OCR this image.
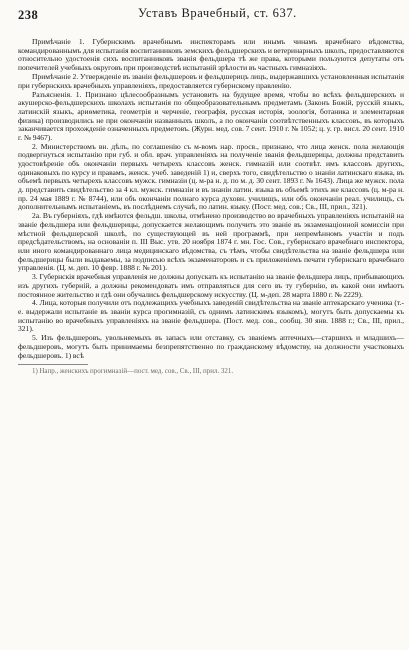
238	Уставъ Врачебный, ст. 637.

Примѣчаніе 1. Губернскимъ врачебнымъ инспекторамъ или инымъ чинамъ врачебнаго вѣдомства, командированнымъ для испытанія воспитанниковъ земскихъ фельдшерскихъ и ветеринарныхъ школъ, предоставляются относительно удостоенія сихъ воспитанниковъ званія фельдшера тѣ же права, которыми пользуются депутаты отъ попечителей учебныхъ округовъ при производствѣ испытаній зрѣлости въ частныхъ гимназіяхъ.

Примѣчаніе 2. Утвержденіе въ званіи фельдшеровъ и фельдшерицъ лицъ, выдержавшихъ установленныя испытанія при губернскихъ врачебныхъ управленіяхъ, предоставляется губернскому правленію.

Разъясненія. 1. Признано цѣлесообразнымъ установить на будущее время, чтобы во всѣхъ фельдшерскихъ и акушерско-фельдшерскихъ школахъ испытанія по общеобразовательнымъ предметамъ (Законъ Божій, русскій языкъ, латинскій языкъ, ариѳметика, геометрія и черченіе, географія, русская исторія, зоологія, ботаника и элементарная физика) производились не при окончаніи названныхъ школъ, а по окончаніи соотвѣтственныхъ классовъ, въ которыхъ заканчивается прохожденіе означенныхъ предметовъ. (Журн. мед. сов. 7 сент. 1910 г. № 1052; ц. у. гр. висл. 20 сент. 1910 г. № 9467).

2. Министерствомъ вн. дѣлъ, по соглашенію съ м-вомъ нар. просв., признано, что лица женск. пола желающія подвергнуться испытанію при губ. и обл. врач. управленіяхъ на полученіе званія фельдшерицы, должны представить удостовѣреніе объ окончаніи первыхъ четырехъ классовъ женск. гимназій или соотвѣт. имъ классовъ другихъ, одинаковыхъ по курсу и правамъ, женск. учеб. заведеній 1) и, сверхъ того, свидѣтельство о знаніи латинскаго языка, въ объемѣ первыхъ четырехъ классовъ мужск. гимназіи (ц. м-ра н. д. по м. д. 30 сент. 1893 г. № 1643). Лица же мужск. пола д. представить свидѣтельство за 4 кл. мужск. гимназіи и въ знаніи латин. языка въ объемѣ этихъ же классовъ (ц. м-ра н. пр. 24 мая 1889 г. № 8744), или объ окончаніи полнаго курса духовн. училищъ, или объ окончаніи реал. училищъ, съ дополнительнымъ испытаніемъ, въ послѣднемъ случаѣ, по латин. языку. (Пост. мед. сов.; Св., III, прил., 321).

2а. Въ губерніяхъ, гдѣ имѣются фельдш. школы, отмѣнено производство во врачебныхъ управленіяхъ испытаній на званіе фельдшера или фельдшерицы, допускается желающимъ получить это званіе въ экзаменаціонной комиссіи при мѣстной фельдшерской школѣ, по существующей въ ней программѣ, при непремѣнномъ участіи и подъ предсѣдательствомъ, на основаніи п. III Выс. утв. 20 ноября 1874 г. мн. Гос. Сов., губернскаго врачебнаго инспектора, или иного командированнаго лица медицинскаго вѣдомства, съ тѣмъ, чтобы свидѣтельства на званіе фельдшера или фельдшерицы были выдаваемы, за подписью всѣхъ экзаменаторовъ и съ приложеніемъ печати губернскаго врачебнаго управленія. (Ц. м. деп. 10 февр. 1888 г. № 201).

3. Губернскія врачебныя управленія не должны допускать къ испытанію на званіе фельдшера лицъ, прибывающихъ изъ другихъ губерній, а должны рекомендовать имъ отправляться для сего въ ту губернію, въ какой они имѣютъ постоянное жительство и гдѣ они обучались фельдшерскому искусству. (Ц. м-деп. 28 марта 1880 г. № 2229).

4. Лица, которыя получили отъ подлежащихъ учебныхъ заведеній свидѣтельства на званіе аптекарскаго ученика (т.-е. выдержали испытаніе въ званіи курса прогимназій, съ однимъ латинскимъ языкомъ), могутъ быть допускаемы къ испытанію во врачебныхъ управленіяхъ на званіе фельдшера. (Пост. мед. сов., сообщ. 30 янв. 1888 г.; Св., III, прил., 321).

5. Изъ фельдшеровъ, увольняемыхъ въ запасъ или отставку, съ званіемъ аптечныхъ—старшихъ и младшихъ—фельдшеровъ, могутъ быть принимаемы безпрепятственно по гражданскому вѣдомству, на должности участковыхъ фельдшеровъ. 1) всѣ

1) Напр., женскихъ прогимназій—пост. мед. сов., Св., III, прил. 321.
